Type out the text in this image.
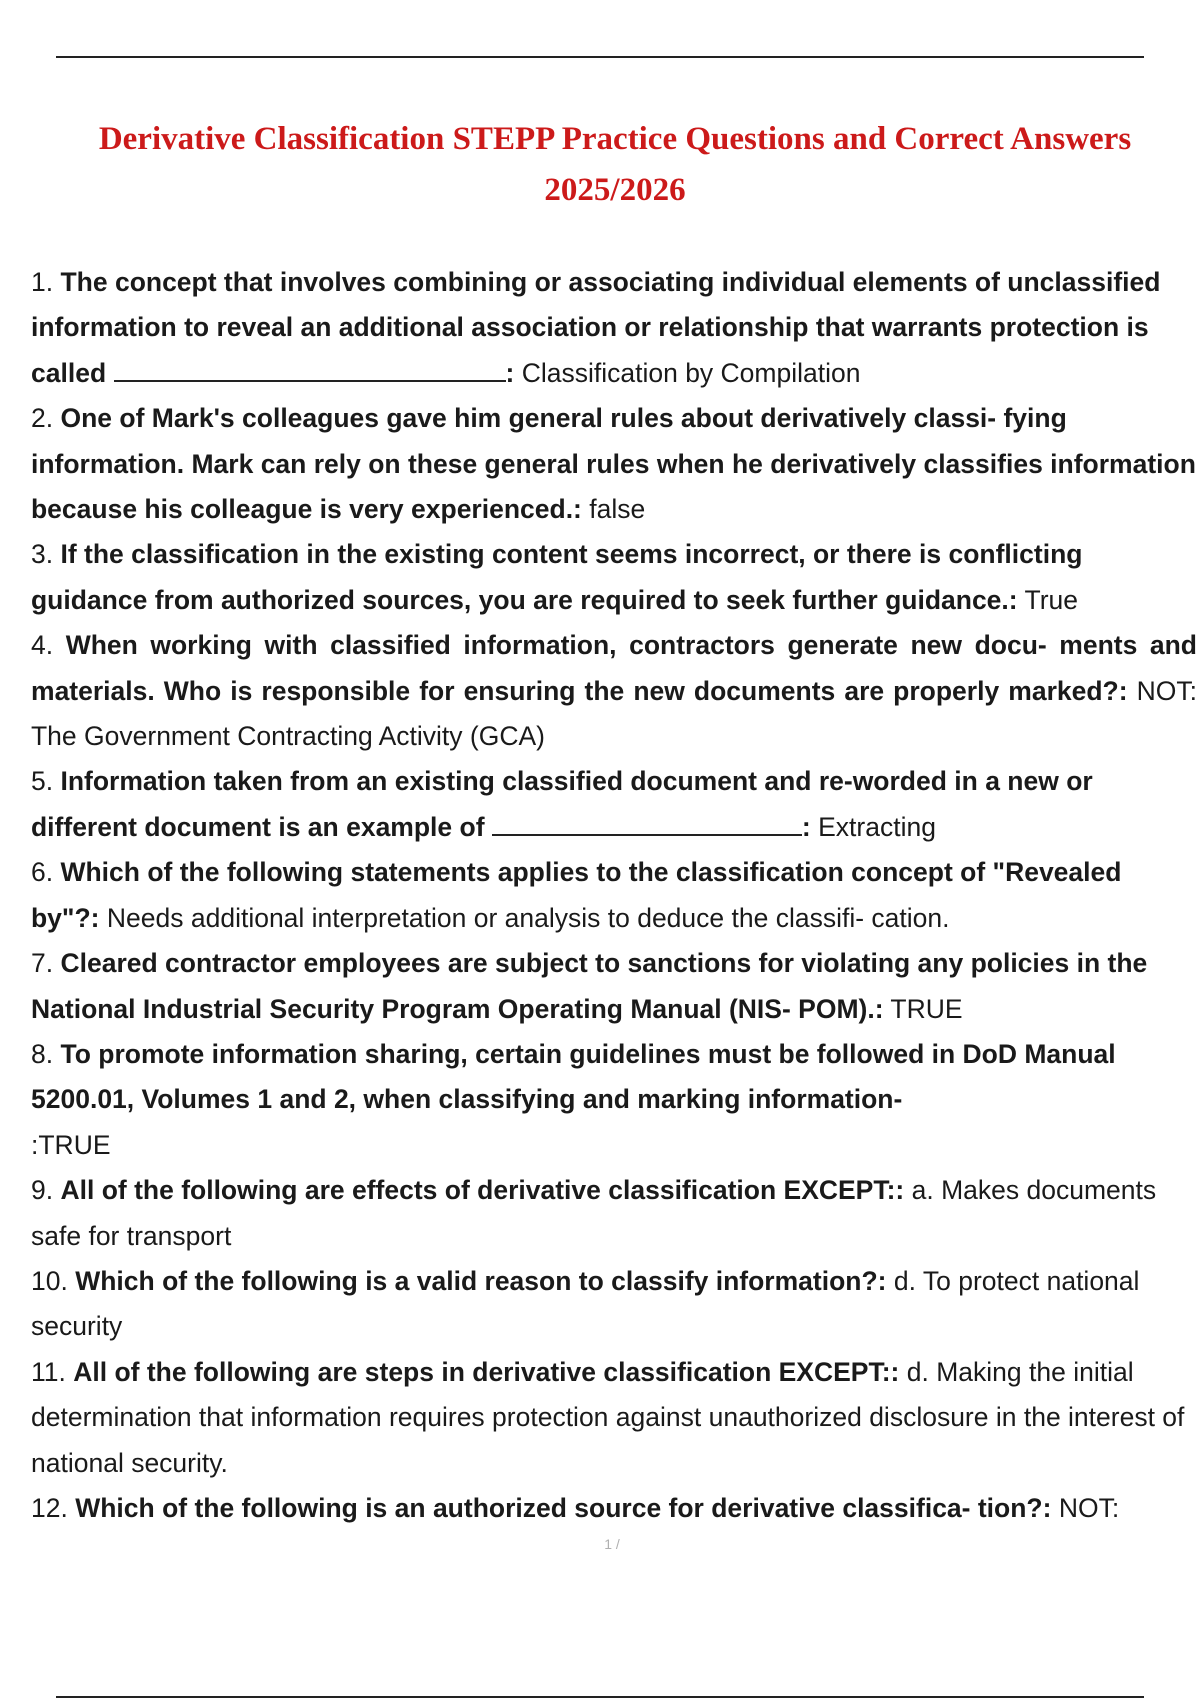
Derivative Classification STEPP Practice Questions and Correct Answers
2025/2026
1. The concept that involves combining or associating individual elements of unclassified information to reveal an additional association or relationship that warrants protection is called	: Classification by Compilation
2. One of Mark's colleagues gave him general rules about derivatively classi- fying information. Mark can rely on these general rules when he derivatively classifies information because his colleague is very experienced.: false
3. If the classification in the existing content seems incorrect, or there is conflicting guidance from authorized sources, you are required to seek further guidance.: True
4. When working with classified information, contractors generate new docu- ments and materials. Who is responsible for ensuring the new documents are properly marked?: NOT: The Government Contracting Activity (GCA)
5. Information taken from an existing classified document and re-worded in a new or different document is an example of	: Extracting
6. Which of the following statements applies to the classification concept of "Revealed by"?: Needs additional interpretation or analysis to deduce the classifi- cation.
7. Cleared contractor employees are subject to sanctions for violating any policies in the National Industrial Security Program Operating Manual (NIS- POM).: TRUE
8. To promote information sharing, certain guidelines must be followed in DoD Manual 5200.01, Volumes 1 and 2, when classifying and marking information-
:TRUE
9. All of the following are effects of derivative classification EXCEPT:: a. Makes documents safe for transport
10. Which of the following is a valid reason to classify information?: d. To protect national security
11. All of the following are steps in derivative classification EXCEPT:: d. Making the initial determination that information requires protection against unauthorized disclosure in the interest of national security.
12. Which of the following is an authorized source for derivative classifica- tion?: NOT:
1 /
